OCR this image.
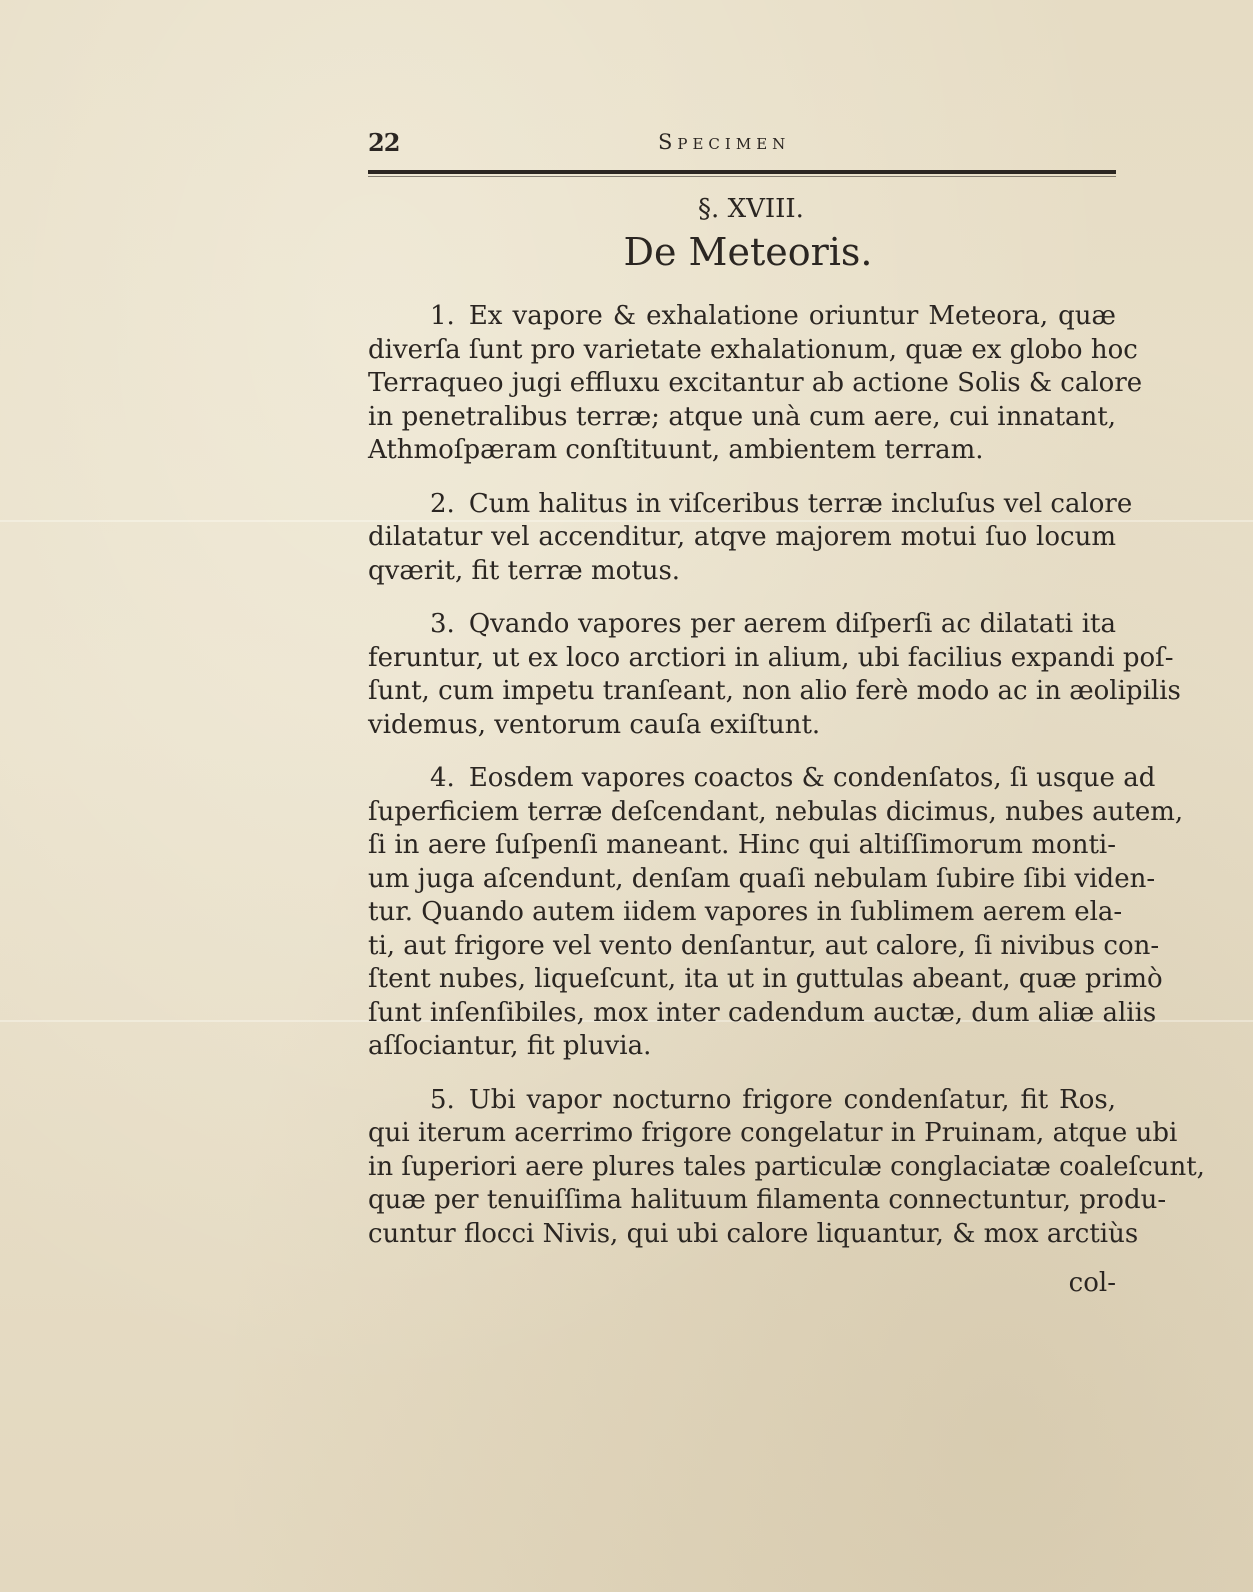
22	Specimen
§. XVIII.
De Meteoris.
1. Ex vapore & exhalatione oriuntur Meteora, quæ
diverſa ſunt pro varietate exhalationum, quæ ex globo hoc
Terraqueo jugi effluxu excitantur ab actione Solis & calore
in penetralibus terræ; atque unà cum aere, cui innatant,
Athmoſpæram conſtituunt, ambientem terram.
2. Cum halitus in viſceribus terræ incluſus vel calore
dilatatur vel accenditur, atqve majorem motui ſuo locum
qværit, fit terræ motus.
3. Qvando vapores per aerem diſperſi ac dilatati ita
feruntur, ut ex loco arctiori in alium, ubi facilius expandi poſ-
ſunt, cum impetu tranſeant, non alio ferè modo ac in æolipilis
videmus, ventorum cauſa exiſtunt.
4. Eosdem vapores coactos & condenſatos, ſi usque ad
ſuperficiem terræ deſcendant, nebulas dicimus, nubes autem,
ſi in aere ſuſpenſi maneant. Hinc qui altiſſimorum monti-
um juga aſcendunt, denſam quaſi nebulam ſubire ſibi viden-
tur. Quando autem iidem vapores in ſublimem aerem ela-
ti, aut frigore vel vento denſantur, aut calore, ſi nivibus con-
ſtent nubes, liqueſcunt, ita ut in guttulas abeant, quæ primò
ſunt inſenſibiles, mox inter cadendum auctæ, dum aliæ aliis
aſſociantur, fit pluvia.
5. Ubi vapor nocturno frigore condenſatur, fit Ros,
qui iterum acerrimo frigore congelatur in Pruinam, atque ubi
in ſuperiori aere plures tales particulæ conglaciatæ coaleſcunt,
quæ per tenuiſſima halituum filamenta connectuntur, produ-
cuntur flocci Nivis, qui ubi calore liquantur, & mox arctiùs
col-
